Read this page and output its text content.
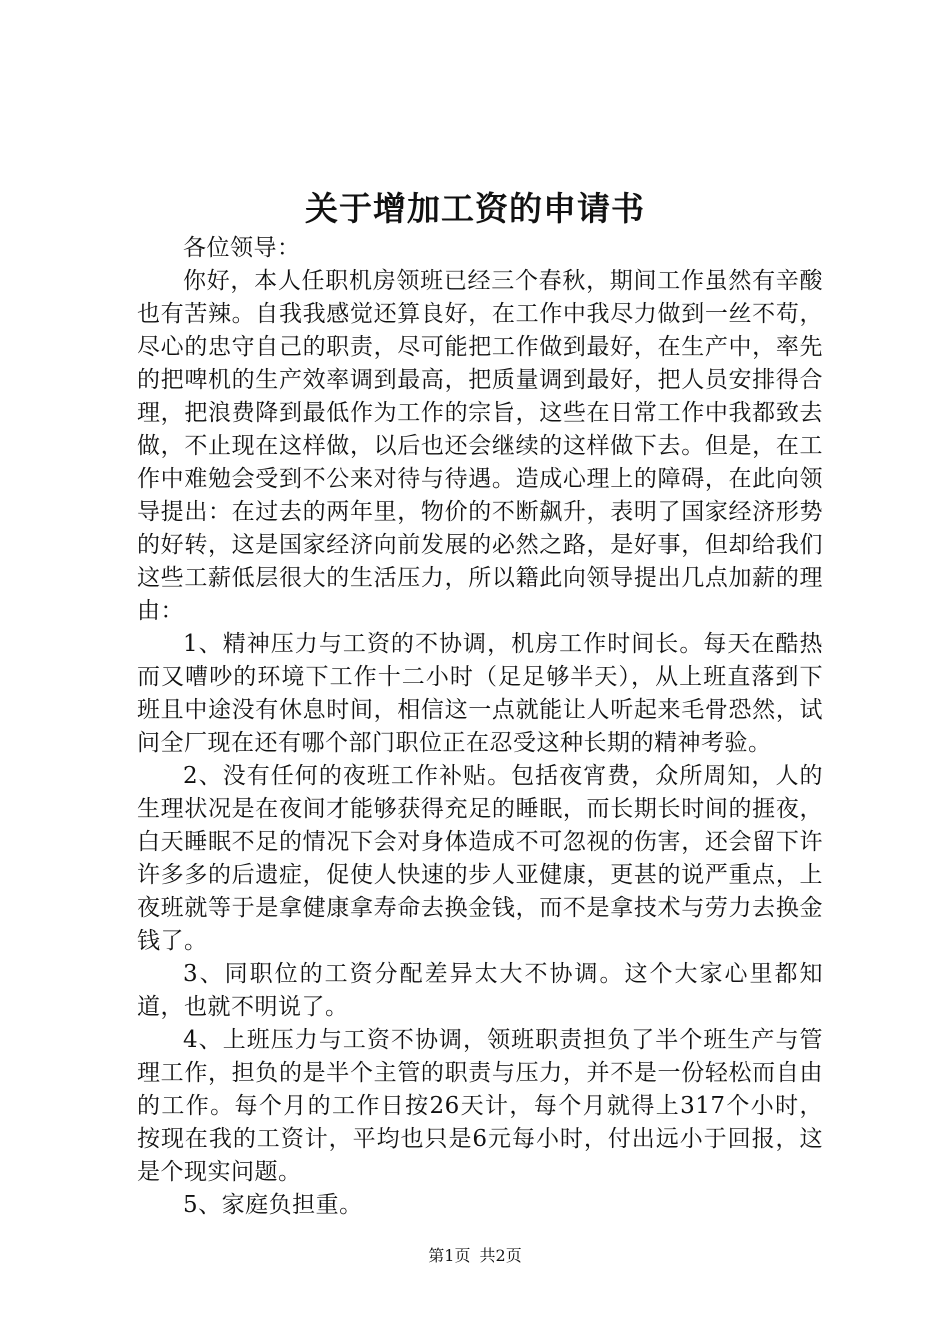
关于增加工资的申请书

各位领导：

你好，本人任职机房领班已经三个春秋，期间工作虽然有辛酸也有苦辣。自我我感觉还算良好，在工作中我尽力做到一丝不苟，尽心的忠守自己的职责，尽可能把工作做到最好，在生产中，率先的把啤机的生产效率调到最高，把质量调到最好，把人员安排得合理，把浪费降到最低作为工作的宗旨，这些在日常工作中我都致去做，不止现在这样做，以后也还会继续的这样做下去。但是，在工作中难勉会受到不公来对待与待遇。造成心理上的障碍，在此向领导提出：在过去的两年里，物价的不断飙升，表明了国家经济形势的好转，这是国家经济向前发展的必然之路，是好事，但却给我们这些工薪低层很大的生活压力，所以籍此向领导提出几点加薪的理由：

1、精神压力与工资的不协调，机房工作时间长。每天在酷热而又嘈吵的环境下工作十二小时（足足够半天），从上班直落到下班且中途没有休息时间，相信这一点就能让人听起来毛骨恐然，试问全厂现在还有哪个部门职位正在忍受这种长期的精神考验。

2、没有任何的夜班工作补贴。包括夜宵费，众所周知，人的生理状况是在夜间才能够获得充足的睡眠，而长期长时间的捱夜，白天睡眠不足的情况下会对身体造成不可忽视的伤害，还会留下许许多多的后遗症，促使人快速的步人亚健康，更甚的说严重点，上夜班就等于是拿健康拿寿命去换金钱，而不是拿技术与劳力去换金钱了。

3、同职位的工资分配差异太大不协调。这个大家心里都知道，也就不明说了。

4、上班压力与工资不协调，领班职责担负了半个班生产与管理工作，担负的是半个主管的职责与压力，并不是一份轻松而自由的工作。每个月的工作日按26天计，每个月就得上317个小时，按现在我的工资计，平均也只是6元每小时，付出远小于回报，这是个现实问题。

5、家庭负担重。

第1页 共2页
